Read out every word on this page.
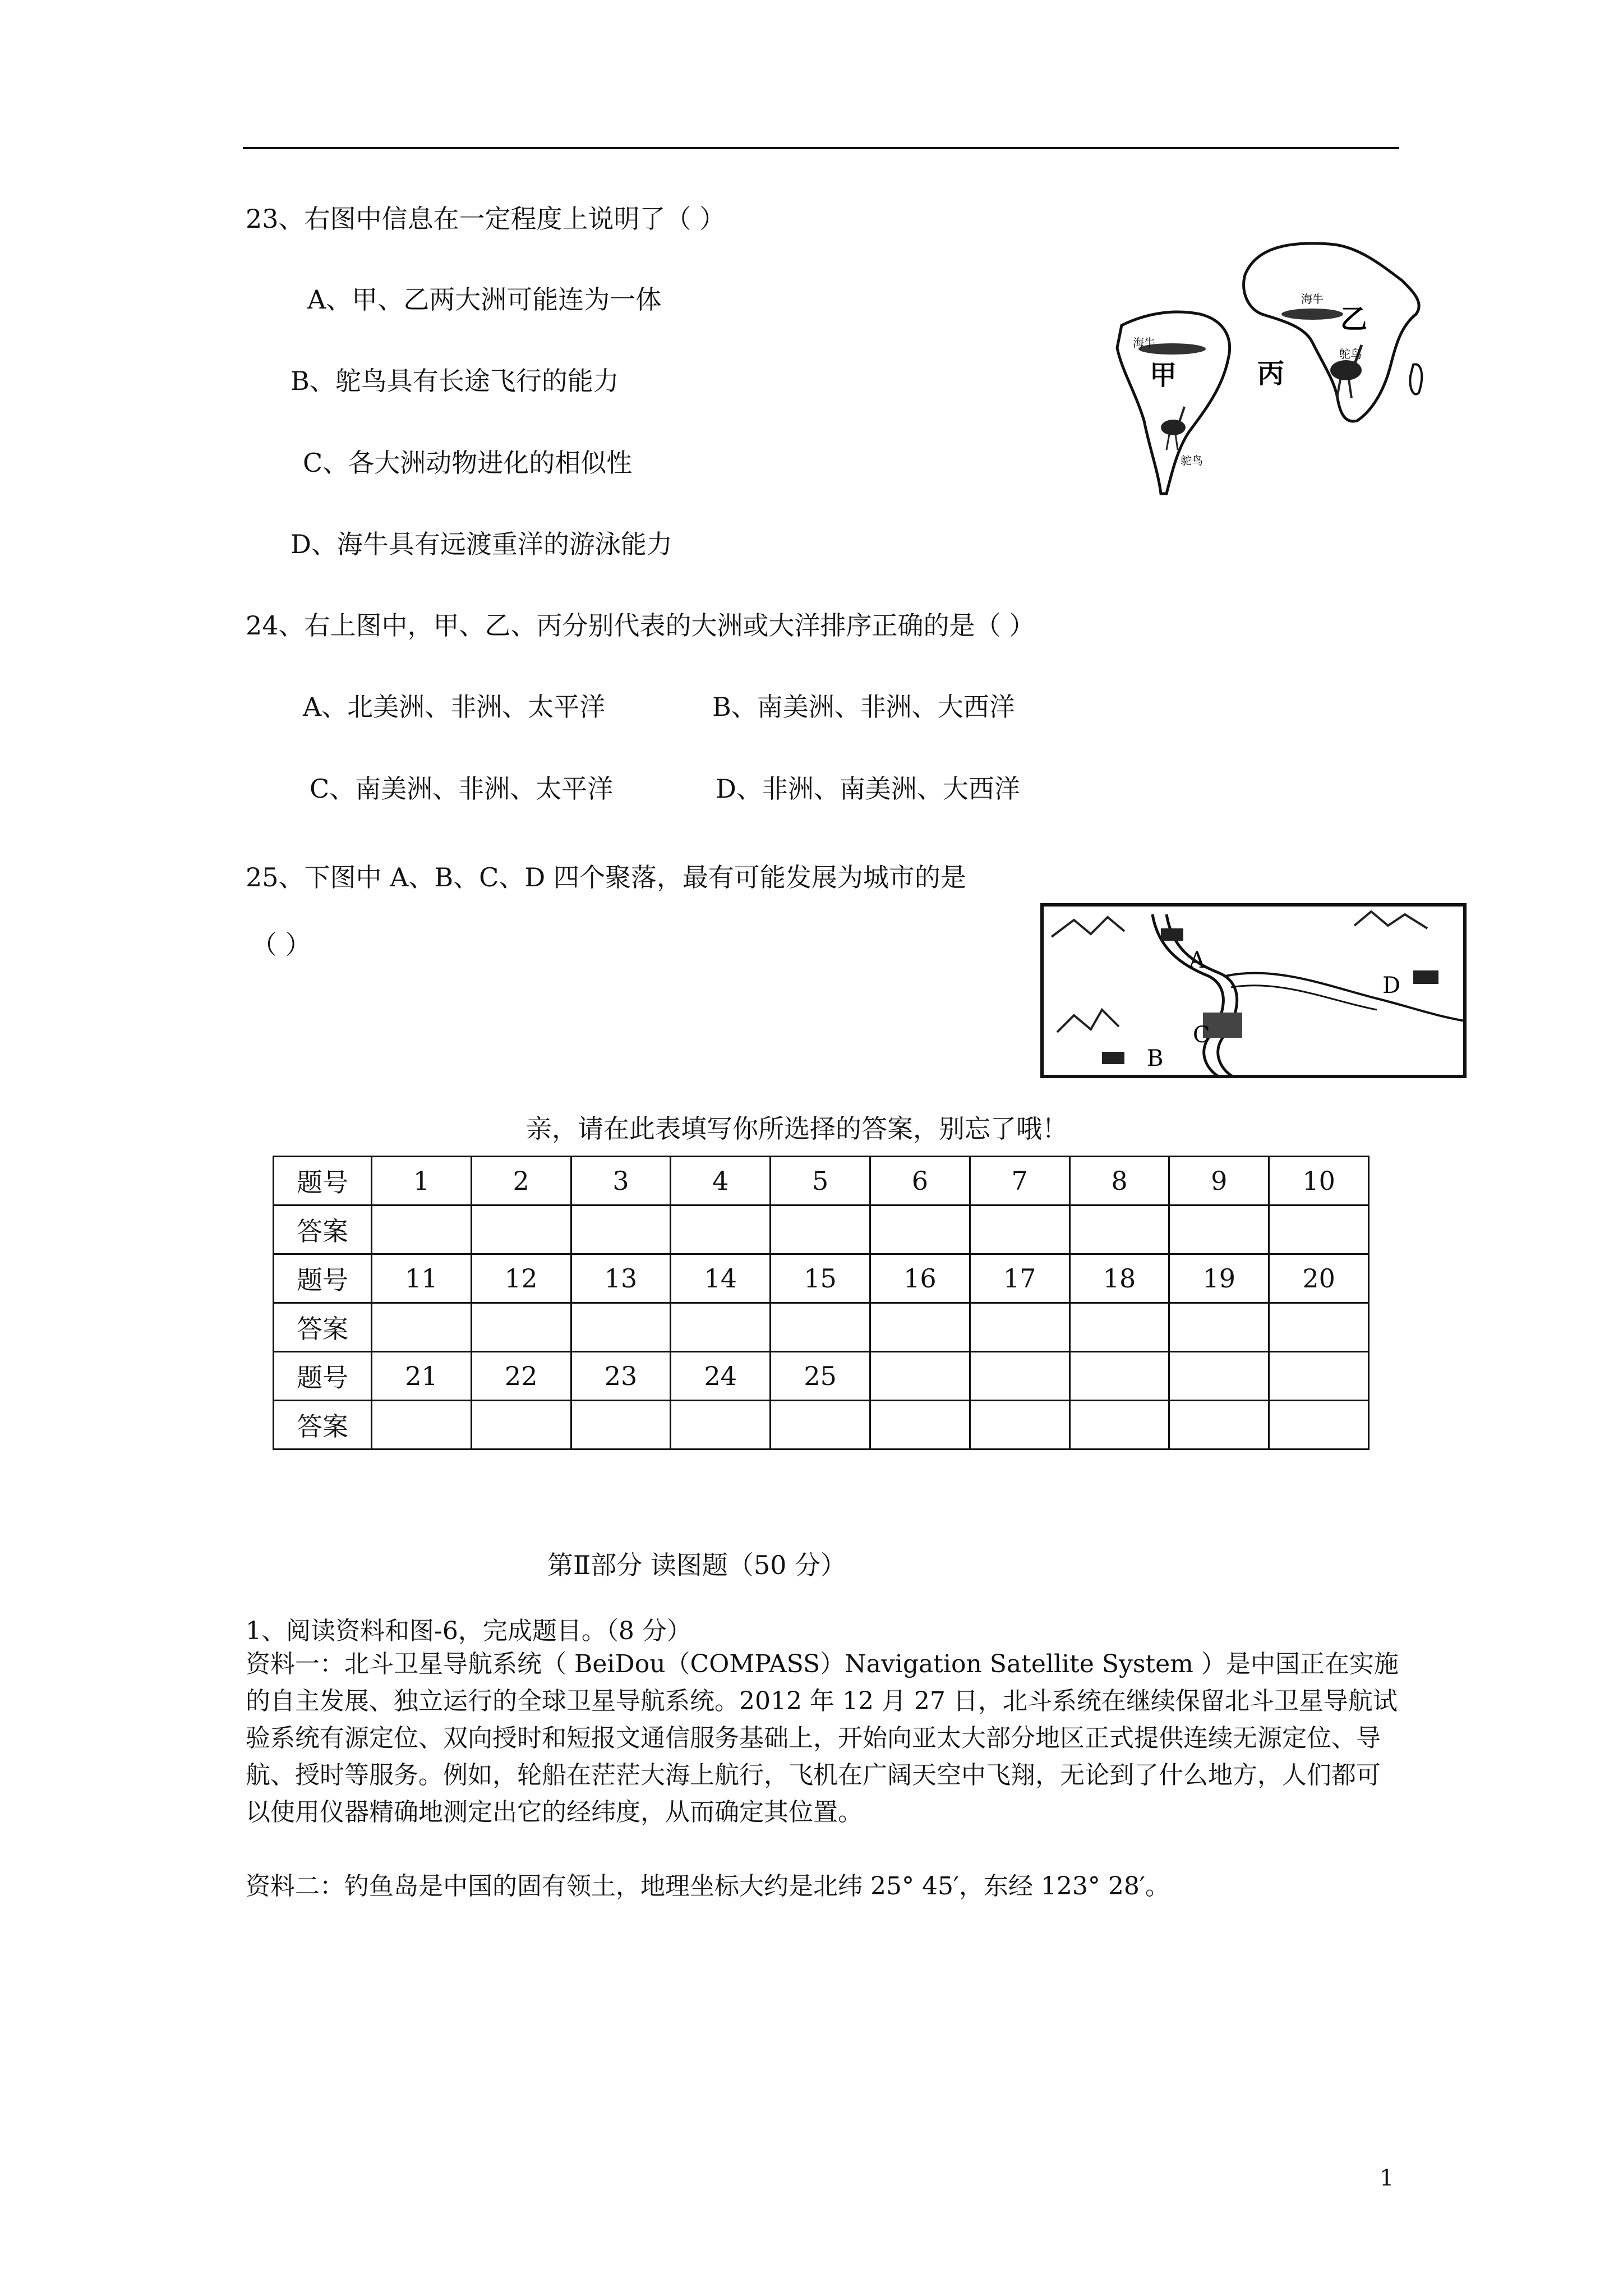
23、右图中信息在一定程度上说明了（ ）
A、甲、乙两大洲可能连为一体
B、鸵鸟具有长途飞行的能力
C、各大洲动物进化的相似性
D、海牛具有远渡重洋的游泳能力
海牛
海牛
鸵鸟
鸵鸟
甲
乙
丙
24、右上图中，甲、乙、丙分别代表的大洲或大洋排序正确的是（ ）
A、北美洲、非洲、太平洋	B、南美洲、非洲、大西洋
C、南美洲、非洲、太平洋	D、非洲、南美洲、大西洋
25、下图中 A、B、C、D 四个聚落，最有可能发展为城市的是
（ ）
A
B
C
D
亲，请在此表填写你所选择的答案，别忘了哦！
题号	1	2	3	4	5	6	7	8	9	10
答案										
题号	11	12	13	14	15	16	17	18	19	20
答案										
题号	21	22	23	24	25					
答案										
第Ⅱ部分 读图题（50 分）
1、阅读资料和图-6，完成题目。（8 分）
资料一：北斗卫星导航系统（ BeiDou（COMPASS）Navigation Satellite System ）是中国正在实施的自主发展、独立运行的全球卫星导航系统。2012 年 12 月 27 日，北斗系统在继续保留北斗卫星导航试验系统有源定位、双向授时和短报文通信服务基础上，开始向亚太大部分地区正式提供连续无源定位、导航、授时等服务。例如，轮船在茫茫大海上航行，飞机在广阔天空中飞翔，无论到了什么地方，人们都可以使用仪器精确地测定出它的经纬度，从而确定其位置。
资料二：钓鱼岛是中国的固有领土，地理坐标大约是北纬 25° 45′，东经 123° 28′。
1
